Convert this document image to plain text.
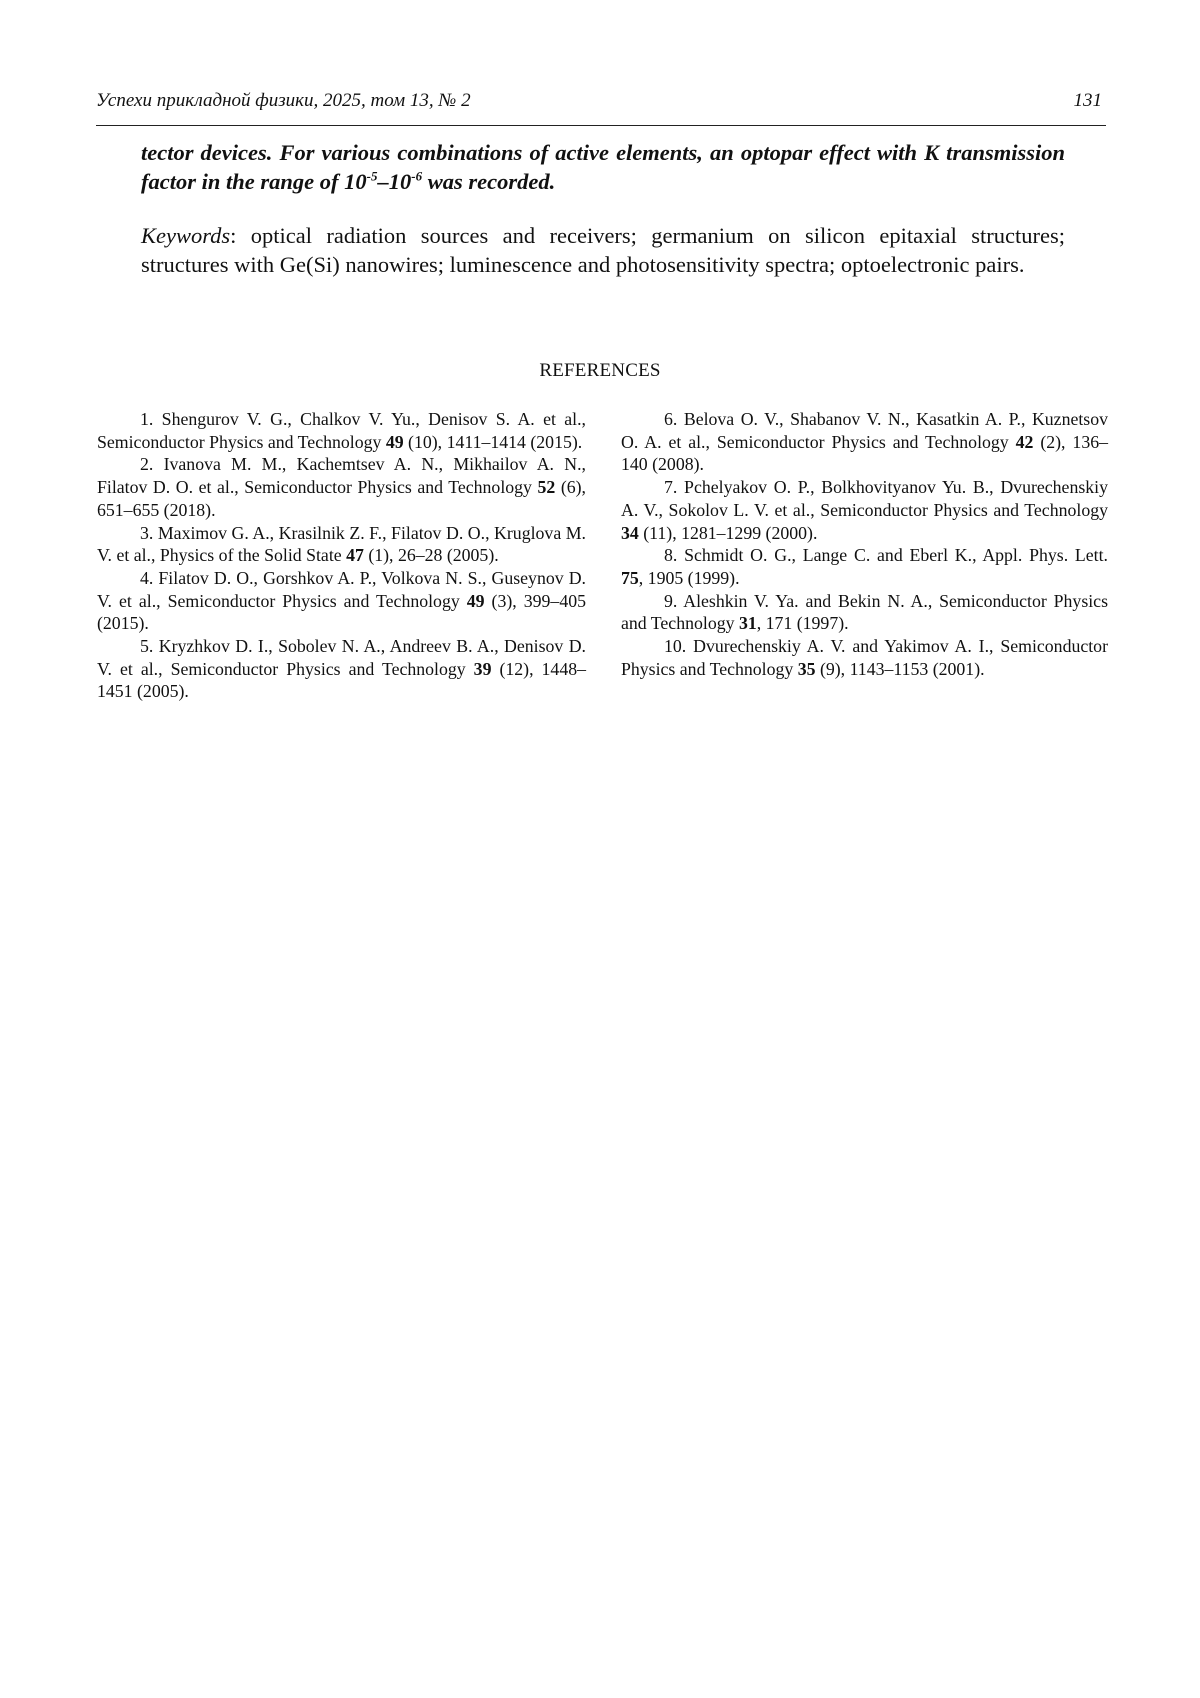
Успехи прикладной физики, 2025, том 13, № 2	131
tector devices. For various combinations of active elements, an optopar effect with K transmission factor in the range of 10-5–10-6 was recorded.
Keywords: optical radiation sources and receivers; germanium on silicon epitaxial structures; structures with Ge(Si) nanowires; luminescence and photosensitivity spectra; optoelectronic pairs.
REFERENCES

1. Shengurov V. G., Chalkov V. Yu., Denisov S. A. et al., Semiconductor Physics and Technology 49 (10), 1411–1414 (2015).

2. Ivanova M. M., Kachemtsev A. N., Mikhailov A. N., Filatov D. O. et al., Semiconductor Physics and Technology 52 (6), 651–655 (2018).

3. Maximov G. A., Krasilnik Z. F., Filatov D. O., Kruglova M. V. et al., Physics of the Solid State 47 (1), 26–28 (2005).

4. Filatov D. O., Gorshkov A. P., Volkova N. S., Guseynov D. V. et al., Semiconductor Physics and Technology 49 (3), 399–405 (2015).

5. Kryzhkov D. I., Sobolev N. A., Andreev B. A., Denisov D. V. et al., Semiconductor Physics and Technology 39 (12), 1448–1451 (2005).

6. Belova O. V., Shabanov V. N., Kasatkin A. P., Kuznetsov O. A. et al., Semiconductor Physics and Technology 42 (2), 136–140 (2008).

7. Pchelyakov O. P., Bolkhovityanov Yu. B., Dvurechenskiy A. V., Sokolov L. V. et al., Semiconductor Physics and Technology 34 (11), 1281–1299 (2000).

8. Schmidt O. G., Lange C. and Eberl K., Appl. Phys. Lett. 75, 1905 (1999).

9. Aleshkin V. Ya. and Bekin N. A., Semiconductor Physics and Technology 31, 171 (1997).

10. Dvurechenskiy A. V. and Yakimov A. I., Semiconductor Physics and Technology 35 (9), 1143–1153 (2001).
